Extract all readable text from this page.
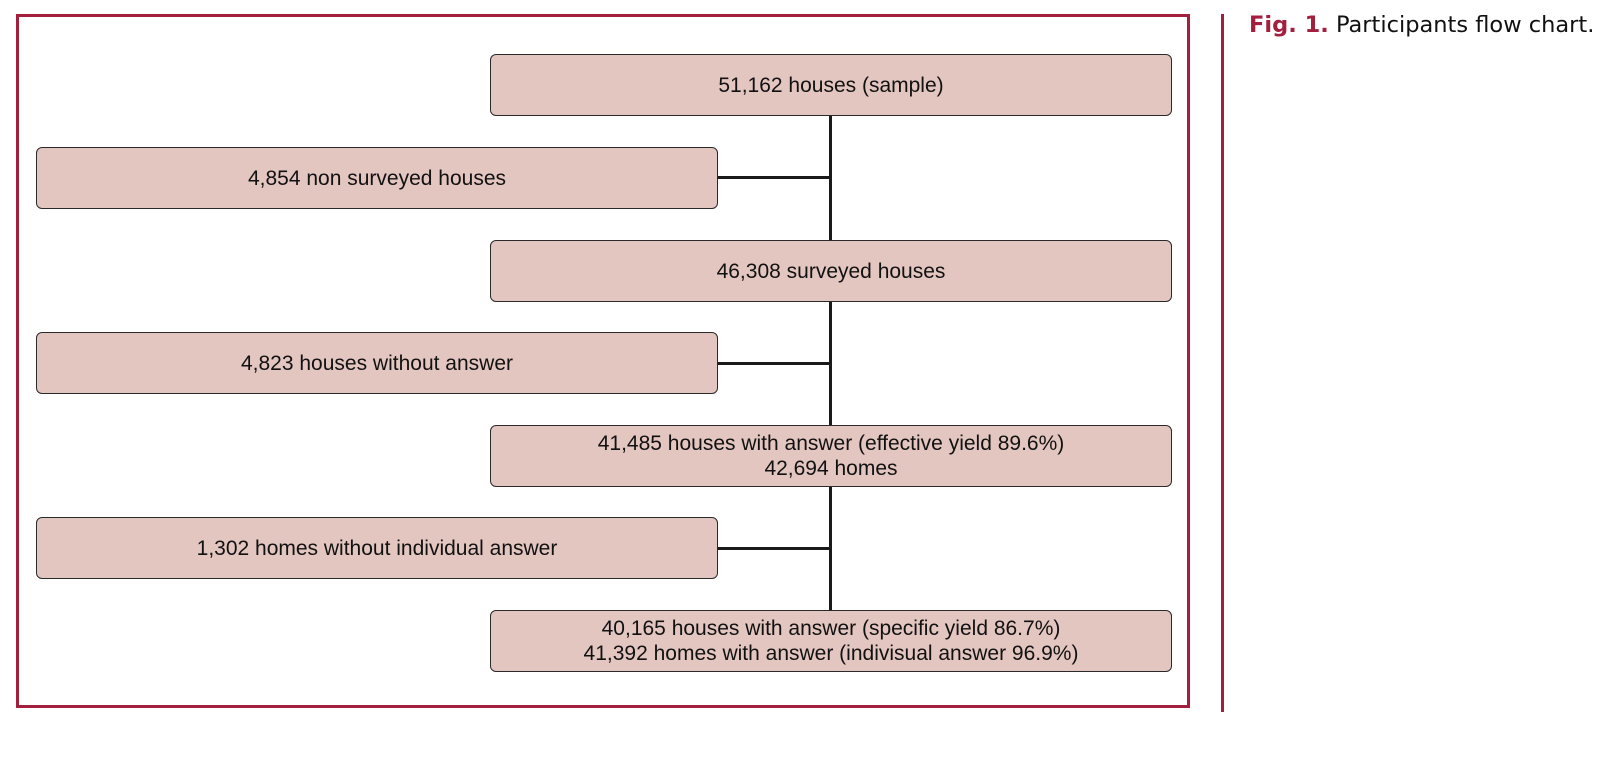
51,162 houses (sample)
46,308 surveyed houses
41,485 houses with answer (effective yield 89.6%)
42,694 homes
40,165 houses with answer (specific yield 86.7%)
41,392 homes with answer (indivisual answer 96.9%)
4,854 non surveyed houses
4,823 houses without answer
1,302 homes without individual answer
Fig. 1. Participants flow chart.
